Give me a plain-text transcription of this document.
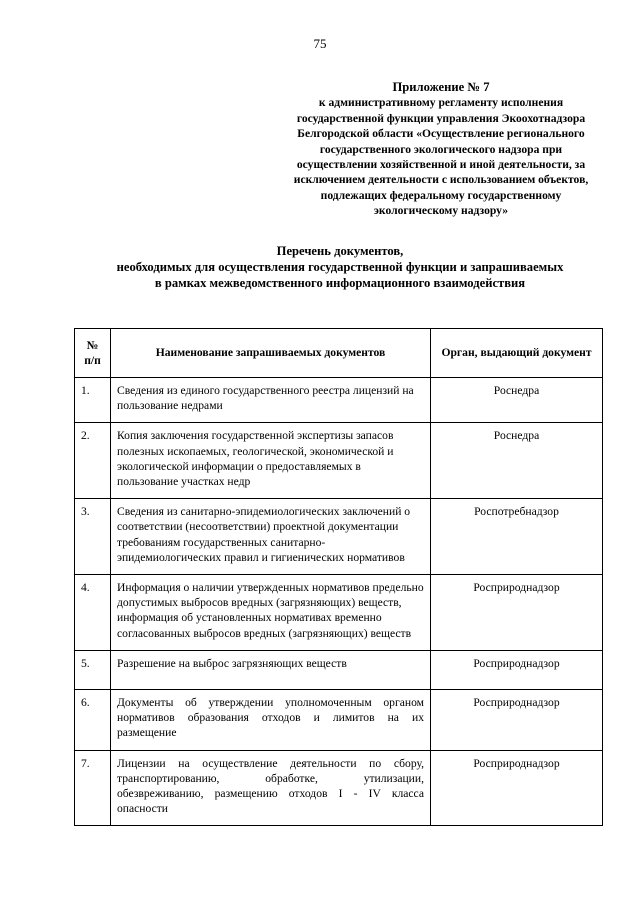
75
Приложение № 7
к административному регламенту исполнения
государственной функции управления Экоохотнадзора
Белгородской области «Осуществление регионального
государственного экологического надзора при
осуществлении хозяйственной и иной деятельности, за
исключением деятельности с использованием объектов,
подлежащих федеральному государственному
экологическому надзору»
Перечень документов,
необходимых для осуществления государственной функции и запрашиваемых
в рамках межведомственного информационного взаимодействия
№ п/п	Наименование запрашиваемых документов	Орган, выдающий документ
1.	Сведения из единого государственного реестра лицензий на пользование недрами	Роснедра
2.	Копия заключения государственной экспертизы запасов полезных ископаемых, геологической, экономической и экологической информации о предоставляемых в пользование участках недр	Роснедра
3.	Сведения из санитарно-эпидемиологических заключений о соответствии (несоответствии) проектной документации требованиям государственных санитарно-эпидемиологических правил и гигиенических нормативов	Роспотребнадзор
4.	Информация о наличии утвержденных нормативов предельно допустимых выбросов вредных (загрязняющих) веществ, информация об установленных нормативах временно согласованных выбросов вредных (загрязняющих) веществ	Росприроднадзор
5.	Разрешение на выброс загрязняющих веществ	Росприроднадзор
6.	Документы об утверждении уполномоченным органом нормативов образования отходов и лимитов на их размещение	Росприроднадзор
7.	Лицензии на осуществление деятельности по сбору, транспортированию, обработке, утилизации, обезвреживанию, размещению отходов I - IV класса опасности	Росприроднадзор
